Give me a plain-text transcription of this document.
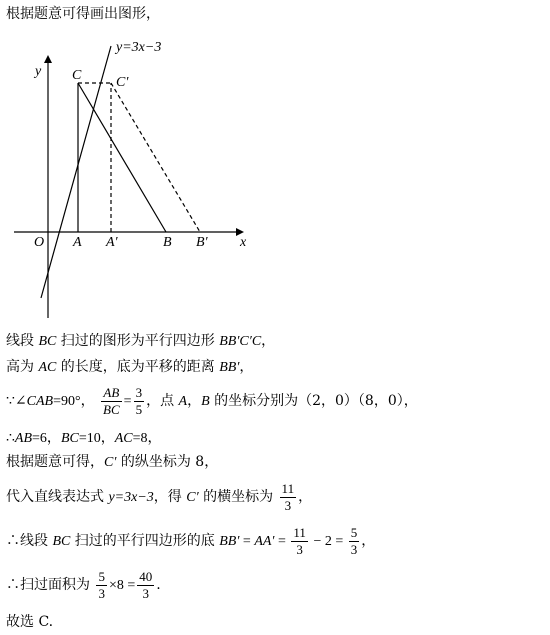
根据题意可得画出图形，
y=3x−3
y
x
O A A′	B B′
C C′
线段 BC 扫过的图形为平行四边形 BB′C′C，
高为 AC 的长度，底为平移的距离 BB′，
∵∠CAB=90°， $\frac{AB}{BC} = \frac{3}{5}$ ，点 A，B 的坐标分别为（2，0）（8，0），
∴AB=6，BC=10，AC=8，
根据题意可得，C′ 的纵坐标为 8，
代入直线表达式 y=3x−3，得 C′ 的横坐标为 $\frac{11}{3}$ ，
∴线段 BC 扫过的平行四边形的底 $BB' = AA' = \frac{11}{3} - 2 = \frac{5}{3}$ ，
∴扫过面积为 $\frac{5}{3} \times 8 = \frac{40}{3}$ .
故选 C.
